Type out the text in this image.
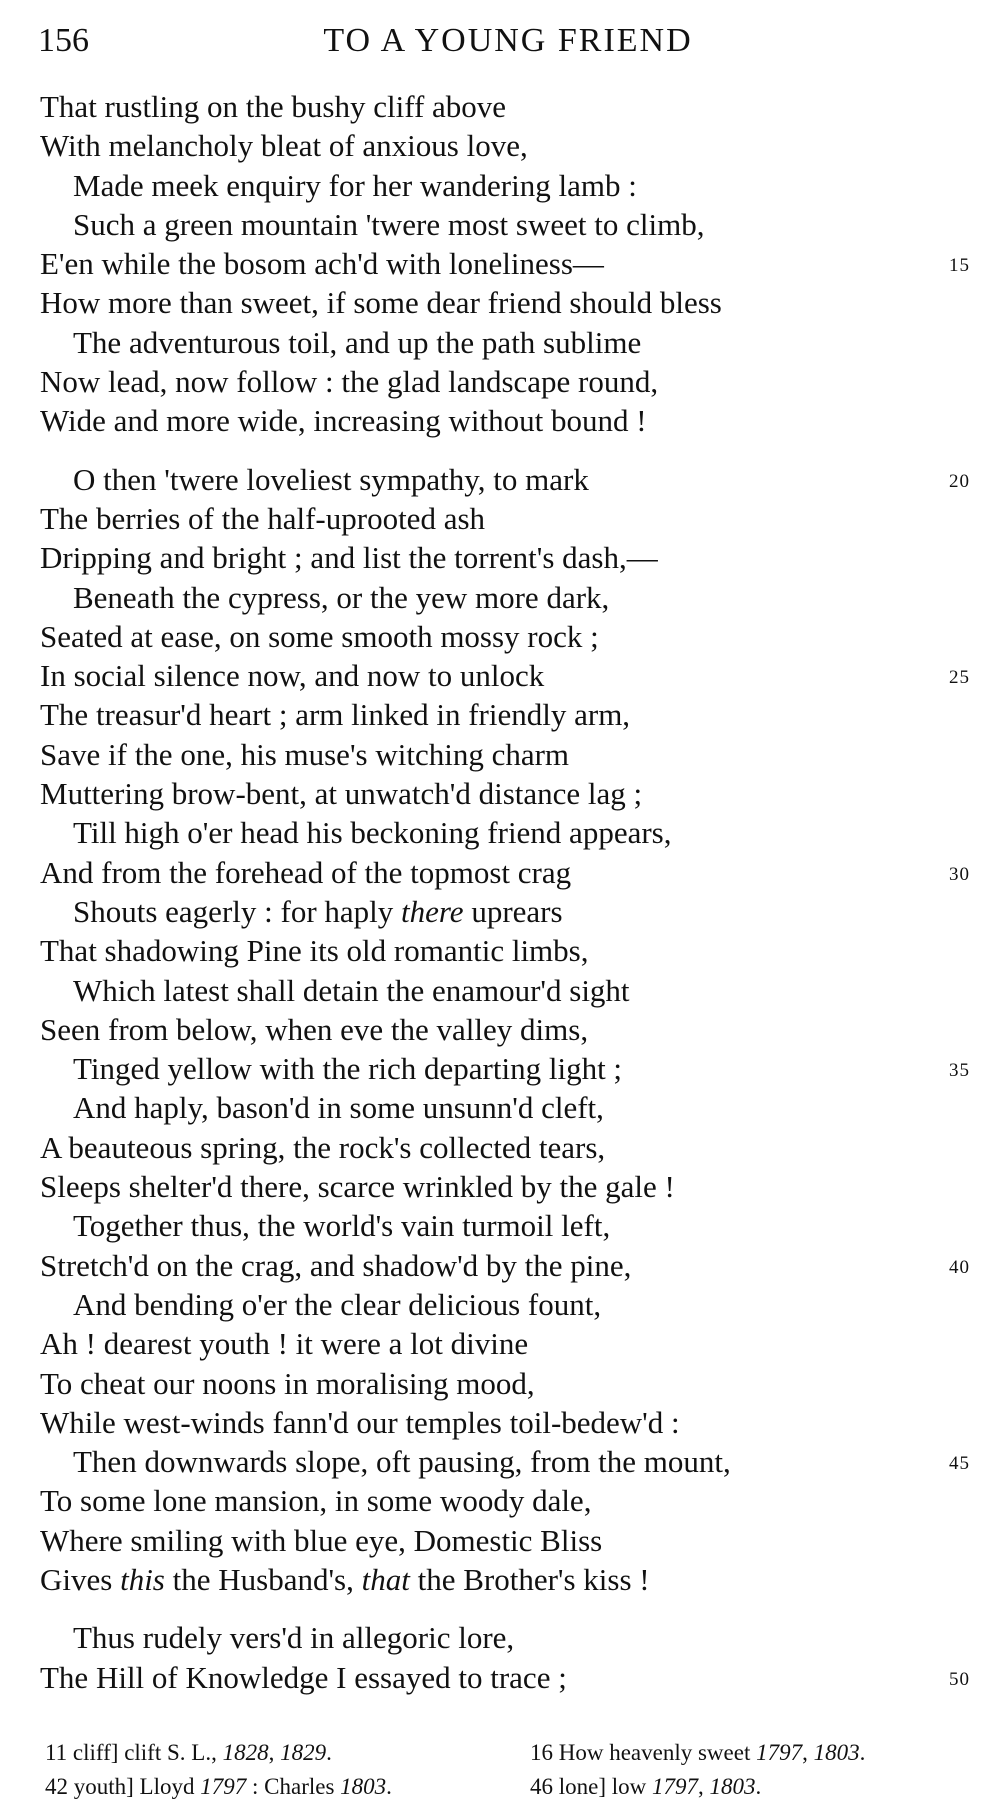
156	TO A YOUNG FRIEND
That rustling on the bushy cliff above
With melancholy bleat of anxious love,
Made meek enquiry for her wandering lamb :
Such a green mountain 'twere most sweet to climb,
E'en while the bosom ach'd with loneliness—	15
How more than sweet, if some dear friend should bless
The adventurous toil, and up the path sublime
Now lead, now follow : the glad landscape round,
Wide and more wide, increasing without bound !
O then 'twere loveliest sympathy, to mark	20
The berries of the half-uprooted ash
Dripping and bright ; and list the torrent's dash,—
Beneath the cypress, or the yew more dark,
Seated at ease, on some smooth mossy rock ;
In social silence now, and now to unlock	25
The treasur'd heart ; arm linked in friendly arm,
Save if the one, his muse's witching charm
Muttering brow-bent, at unwatch'd distance lag ;
Till high o'er head his beckoning friend appears,
And from the forehead of the topmost crag	30
Shouts eagerly : for haply there uprears
That shadowing Pine its old romantic limbs,
Which latest shall detain the enamour'd sight
Seen from below, when eve the valley dims,
Tinged yellow with the rich departing light ;	35
And haply, bason'd in some unsunn'd cleft,
A beauteous spring, the rock's collected tears,
Sleeps shelter'd there, scarce wrinkled by the gale !
Together thus, the world's vain turmoil left,
Stretch'd on the crag, and shadow'd by the pine,	40
And bending o'er the clear delicious fount,
Ah ! dearest youth ! it were a lot divine
To cheat our noons in moralising mood,
While west-winds fann'd our temples toil-bedew'd :
Then downwards slope, oft pausing, from the mount,	45
To some lone mansion, in some woody dale,
Where smiling with blue eye, Domestic Bliss
Gives this the Husband's, that the Brother's kiss !
Thus rudely vers'd in allegoric lore,
The Hill of Knowledge I essayed to trace ;	50
11 cliff] clift S. L., 1828, 1829.	16 How heavenly sweet 1797, 1803.
42 youth] Lloyd 1797 : Charles 1803.	46 lone] low 1797, 1803.
